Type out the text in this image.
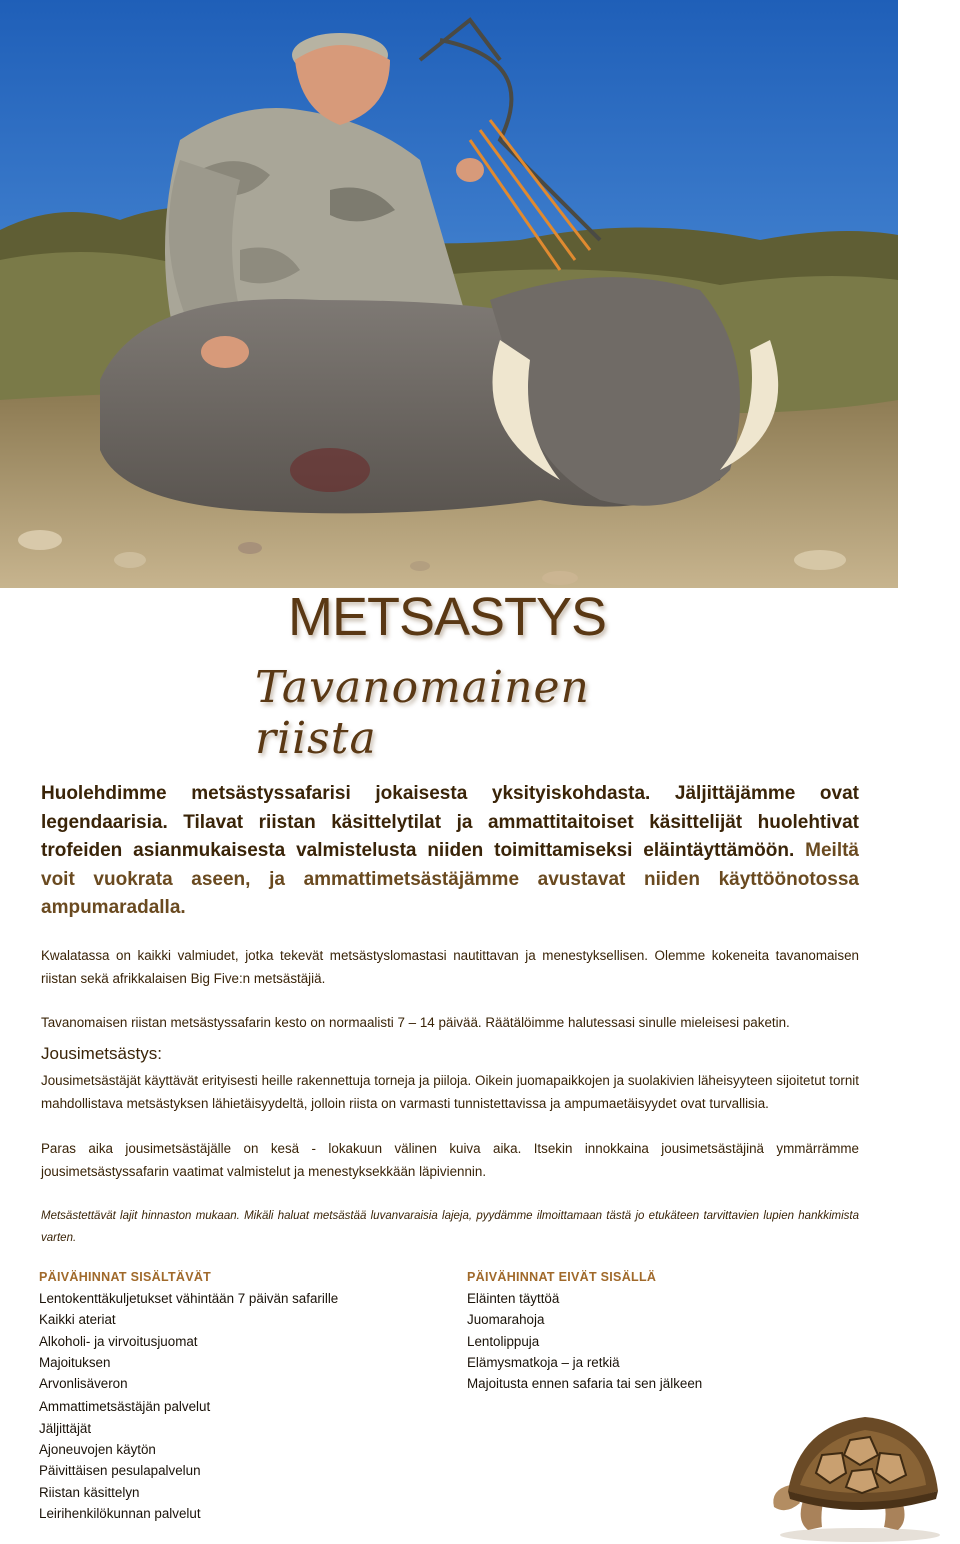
METSASTYS
Tavanomainen riista
Huolehdimme metsästyssafarisi jokaisesta yksityiskohdasta. Jäljittäjämme ovat legendaarisia. Tilavat riistan käsittelytilat ja ammattitaitoiset käsittelijät huolehtivat trofeiden asianmukaisesta valmistelusta niiden toimittamiseksi eläintäyttämöön. Meiltä voit vuokrata aseen, ja ammattimetsästäjämme avustavat niiden käyttöönotossa ampumaradalla.
Kwalatassa on kaikki valmiudet, jotka tekevät metsästyslomastasi nautittavan ja menestyksellisen. Olemme kokeneita tavanomaisen riistan sekä afrikkalaisen Big Five:n metsästäjiä.
Tavanomaisen riistan metsästyssafarin kesto on normaalisti 7 – 14 päivää. Räätälöimme halutessasi sinulle mieleisesi paketin.
Jousimetsästys:
Jousimetsästäjät käyttävät erityisesti heille rakennettuja torneja ja piiloja. Oikein juomapaikkojen ja suolakivien läheisyyteen sijoitetut tornit mahdollistava metsästyksen lähietäisyydeltä, jolloin riista on varmasti tunnistettavissa ja ampumaetäisyydet ovat turvallisia.
Paras aika jousimetsästäjälle on kesä - lokakuun välinen kuiva aika. Itsekin innokkaina jousimetsästäjinä ymmärrämme jousimetsästyssafarin vaatimat valmistelut ja menestyksekkään läpiviennin.
Metsästettävät lajit hinnaston mukaan. Mikäli haluat metsästää luvanvaraisia lajeja, pyydämme ilmoittamaan tästä jo etukäteen tarvittavien lupien hankkimista varten.
PÄIVÄHINNAT SISÄLTÄVÄT
Lentokenttäkuljetukset vähintään 7 päivän safarille
Kaikki ateriat
Alkoholi- ja virvoitusjuomat
Majoituksen
Arvonlisäveron
Ammattimetsästäjän palvelut
Jäljittäjät
Ajoneuvojen käytön
Päivittäisen pesulapalvelun
Riistan käsittelyn
Leirihenkilökunnan palvelut
PÄIVÄHINNAT EIVÄT SISÄLLÄ
Eläinten täyttöä
Juomarahoja
Lentolippuja
Elämysmatkoja – ja retkiä
Majoitusta ennen safaria tai sen jälkeen
